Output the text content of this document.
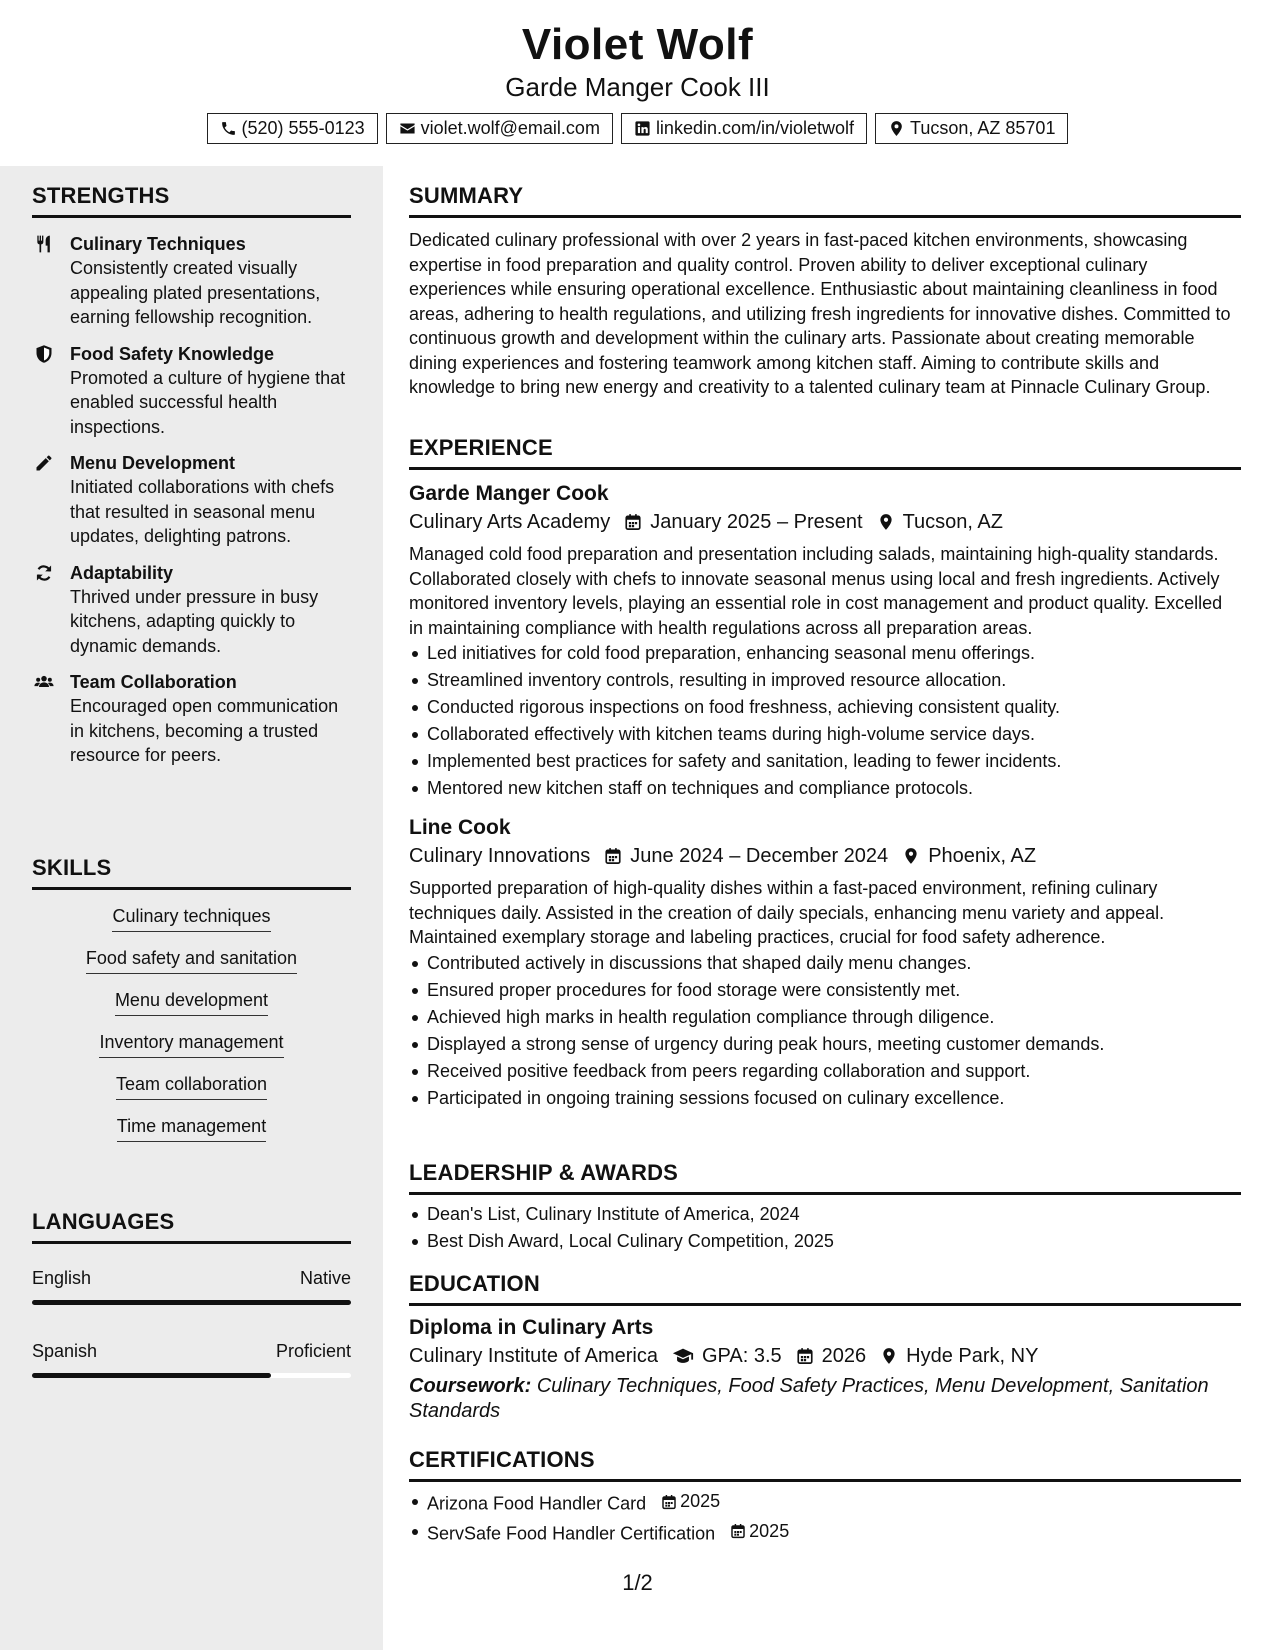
Violet Wolf
Garde Manger Cook III
(520) 555-0123	violet.wolf@email.com	linkedin.com/in/violetwolf	Tucson, AZ 85701
STRENGTHS
Culinary Techniques
Consistently created visually appealing plated presentations, earning fellowship recognition.
Food Safety Knowledge
Promoted a culture of hygiene that enabled successful health inspections.
Menu Development
Initiated collaborations with chefs that resulted in seasonal menu updates, delighting patrons.
Adaptability
Thrived under pressure in busy kitchens, adapting quickly to dynamic demands.
Team Collaboration
Encouraged open communication in kitchens, becoming a trusted resource for peers.
SKILLS
Culinary techniques
Food safety and sanitation
Menu development
Inventory management
Team collaboration
Time management
LANGUAGES
English	Native
Spanish	Proficient
SUMMARY
Dedicated culinary professional with over 2 years in fast-paced kitchen environments, showcasing expertise in food preparation and quality control. Proven ability to deliver exceptional culinary experiences while ensuring operational excellence. Enthusiastic about maintaining cleanliness in food areas, adhering to health regulations, and utilizing fresh ingredients for innovative dishes. Committed to continuous growth and development within the culinary arts. Passionate about creating memorable dining experiences and fostering teamwork among kitchen staff. Aiming to contribute skills and knowledge to bring new energy and creativity to a talented culinary team at Pinnacle Culinary Group.
EXPERIENCE
Garde Manger Cook
Culinary Arts Academy January 2025 – Present Tucson, AZ
Managed cold food preparation and presentation including salads, maintaining high-quality standards. Collaborated closely with chefs to innovate seasonal menus using local and fresh ingredients. Actively monitored inventory levels, playing an essential role in cost management and product quality. Excelled in maintaining compliance with health regulations across all preparation areas.
Led initiatives for cold food preparation, enhancing seasonal menu offerings.
Streamlined inventory controls, resulting in improved resource allocation.
Conducted rigorous inspections on food freshness, achieving consistent quality.
Collaborated effectively with kitchen teams during high-volume service days.
Implemented best practices for safety and sanitation, leading to fewer incidents.
Mentored new kitchen staff on techniques and compliance protocols.
Line Cook
Culinary Innovations June 2024 – December 2024 Phoenix, AZ
Supported preparation of high-quality dishes within a fast-paced environment, refining culinary techniques daily. Assisted in the creation of daily specials, enhancing menu variety and appeal. Maintained exemplary storage and labeling practices, crucial for food safety adherence.
Contributed actively in discussions that shaped daily menu changes.
Ensured proper procedures for food storage were consistently met.
Achieved high marks in health regulation compliance through diligence.
Displayed a strong sense of urgency during peak hours, meeting customer demands.
Received positive feedback from peers regarding collaboration and support.
Participated in ongoing training sessions focused on culinary excellence.
LEADERSHIP & AWARDS
Dean's List, Culinary Institute of America, 2024
Best Dish Award, Local Culinary Competition, 2025
EDUCATION
Diploma in Culinary Arts
Culinary Institute of America GPA: 3.5 2026 Hyde Park, NY
Coursework: Culinary Techniques, Food Safety Practices, Menu Development, Sanitation Standards
CERTIFICATIONS
Arizona Food Handler Card 2025
ServSafe Food Handler Certification 2025
1/2
